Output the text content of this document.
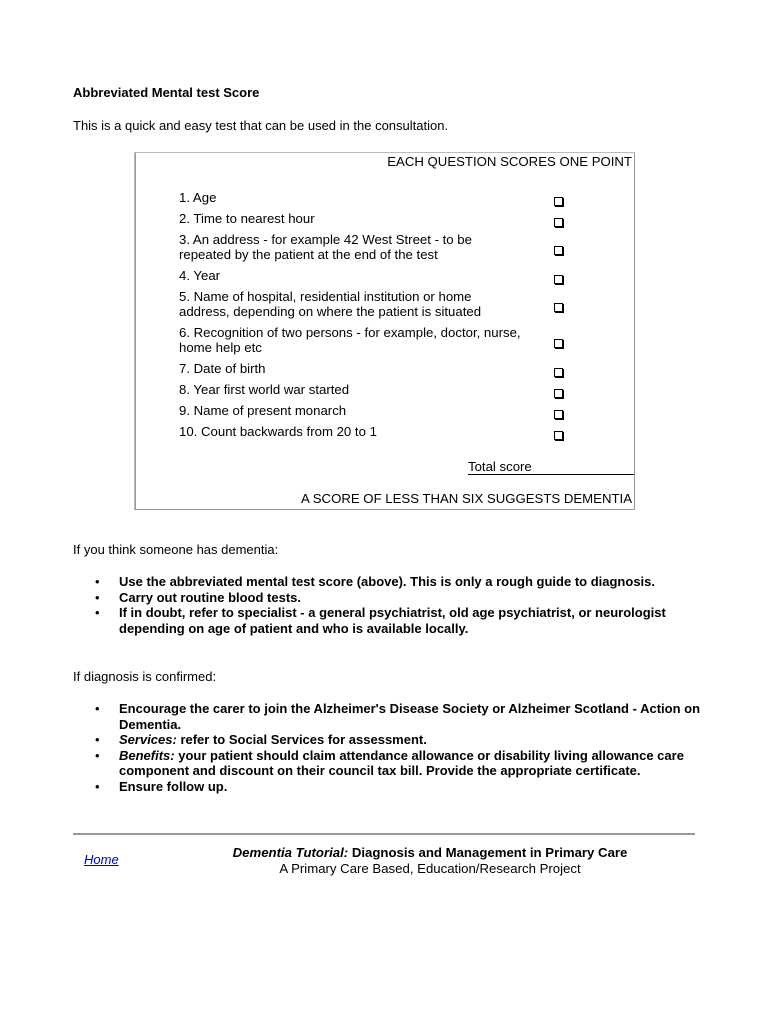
Abbreviated Mental test Score
This is a quick and easy test that can be used in the consultation.
EACH QUESTION SCORES ONE POINT
1. Age
2. Time to nearest hour
3. An address - for example 42 West Street - to be repeated by the patient at the end of the test
4. Year
5. Name of hospital, residential institution or home address, depending on where the patient is situated
6. Recognition of two persons - for example, doctor, nurse, home help etc
7. Date of birth
8. Year first world war started
9. Name of present monarch
10. Count backwards from 20 to 1
Total score
A SCORE OF LESS THAN SIX SUGGESTS DEMENTIA
If you think someone has dementia:
• Use the abbreviated mental test score (above). This is only a rough guide to diagnosis.
• Carry out routine blood tests.
• If in doubt, refer to specialist - a general psychiatrist, old age psychiatrist, or neurologist depending on age of patient and who is available locally.
If diagnosis is confirmed:
• Encourage the carer to join the Alzheimer's Disease Society or Alzheimer Scotland - Action on Dementia.
• Services: refer to Social Services for assessment.
• Benefits: your patient should claim attendance allowance or disability living allowance care component and discount on their council tax bill. Provide the appropriate certificate.
• Ensure follow up.
Home	Dementia Tutorial: Diagnosis and Management in Primary Care
A Primary Care Based, Education/Research Project
